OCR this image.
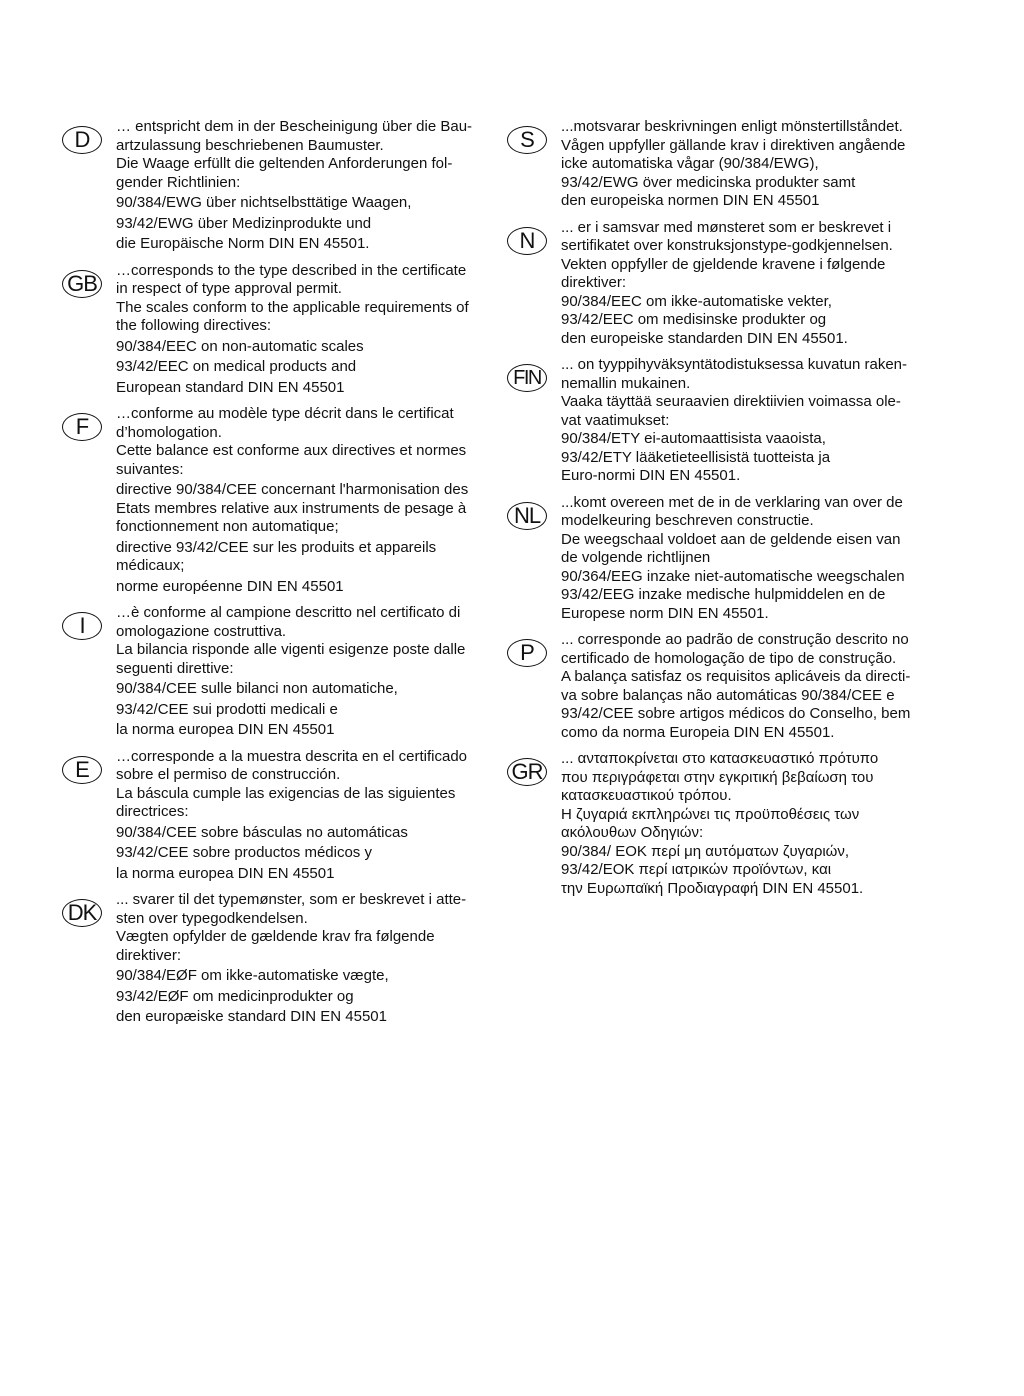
D
… entspricht dem in der Bescheinigung über die Bau-
artzulassung beschriebenen Baumuster.
Die Waage erfüllt die geltenden Anforderungen fol-
gender Richtlinien:
90/384/EWG über nichtselbsttätige Waagen,
93/42/EWG über Medizinprodukte und
die Europäische Norm DIN EN 45501.
GB
…corresponds to the type described in the certificate
in respect of type approval permit.
The scales conform to the applicable requirements of
the following directives:
90/384/EEC on non-automatic scales
93/42/EEC on medical products and
European standard DIN EN 45501
F
…conforme au modèle type décrit dans le certificat
d’homologation.
Cette balance est conforme aux directives et normes
suivantes:
directive 90/384/CEE concernant l'harmonisation des
Etats membres relative aux instruments de pesage à
fonctionnement non automatique;
directive 93/42/CEE sur les produits et appareils
médicaux;
norme européenne DIN EN 45501
I
…è conforme al campione descritto nel certificato di
omologazione costruttiva.
La bilancia risponde alle vigenti esigenze poste dalle
seguenti direttive:
90/384/CEE sulle bilanci non automatiche,
93/42/CEE sui prodotti medicali e
la norma europea DIN EN 45501
E
…corresponde a la muestra descrita en el certificado
sobre el permiso de construcción.
La báscula cumple las exigencias de las siguientes
directrices:
90/384/CEE sobre básculas no automáticas
93/42/CEE sobre productos médicos y
la norma europea DIN EN 45501
DK
... svarer til det typemønster, som er beskrevet i atte-
sten over typegodkendelsen.
Vægten opfylder de gældende krav fra følgende
direktiver:
90/384/EØF om ikke-automatiske vægte,
93/42/EØF om medicinprodukter og
den europæiske standard DIN EN 45501
S
...motsvarar beskrivningen enligt mönstertillståndet.
Vågen uppfyller gällande krav i direktiven angående
icke automatiska vågar (90/384/EWG),
93/42/EWG över medicinska produkter samt
den europeiska normen DIN EN 45501
N
... er i samsvar med mønsteret som er beskrevet i
sertifikatet over konstruksjonstype-godkjennelsen.
Vekten oppfyller de gjeldende kravene i følgende
direktiver:
90/384/EEC om ikke-automatiske vekter,
93/42/EEC om medisinske produkter og
den europeiske standarden DIN EN 45501.
FIN
... on tyyppihyväksyntätodistuksessa kuvatun raken-
nemallin mukainen.
Vaaka täyttää seuraavien direktiivien voimassa ole-
vat vaatimukset:
90/384/ETY ei-automaattisista vaaoista,
93/42/ETY lääketieteellisistä tuotteista ja
Euro-normi DIN EN 45501.
NL
...komt overeen met de in de verklaring van over de
modelkeuring beschreven constructie.
De weegschaal voldoet aan de geldende eisen van
de volgende richtlijnen
90/364/EEG inzake niet-automatische weegschalen
93/42/EEG inzake medische hulpmiddelen en de
Europese norm DIN EN 45501.
P
... corresponde ao padrão de construção descrito no
certificado de homologação de tipo de construção.
A balança satisfaz os requisitos aplicáveis da directi-
va sobre balanças não automáticas 90/384/CEE e
93/42/CEE sobre artigos médicos do Conselho, bem
como da norma Europeia DIN EN 45501.
GR
... ανταποκρίνεται στο κατασκευαστικό πρότυπο
που περιγράφεται στην εγκριτική βεβαίωση του
κατασκευαστικού τρόπου.
Η ζυγαριά εκπληρώνει τις προϋποθέσεις των
ακόλουθων Οδηγιών:
90/384/ ΕΟΚ περί μη αυτόματων ζυγαριών,
93/42/ΕΟΚ περί ιατρικών προϊόντων, και
την Ευρωπαϊκή Προδιαγραφή DIN EN 45501.
